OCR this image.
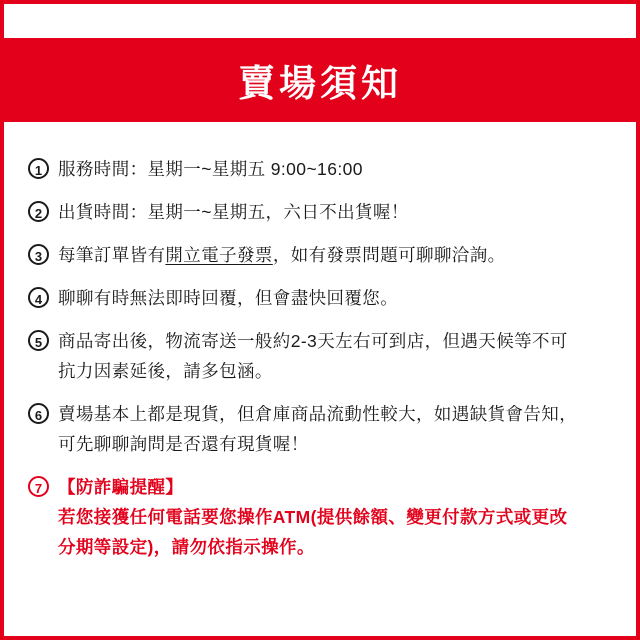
賣場須知
1 服務時間：星期一~星期五 9:00~16:00
2 出貨時間：星期一~星期五，六日不出貨喔！
3 每筆訂單皆有開立電子發票，如有發票問題可聊聊洽詢。
4 聊聊有時無法即時回覆，但會盡快回覆您。
5 商品寄出後，物流寄送一般約2-3天左右可到店，但遇天候等不可
抗力因素延後，請多包涵。
6 賣場基本上都是現貨，但倉庫商品流動性較大，如遇缺貨會告知，
可先聊聊詢問是否還有現貨喔！
7 【防詐騙提醒】
若您接獲任何電話要您操作ATM(提供餘額、變更付款方式或更改
分期等設定)，請勿依指示操作。
